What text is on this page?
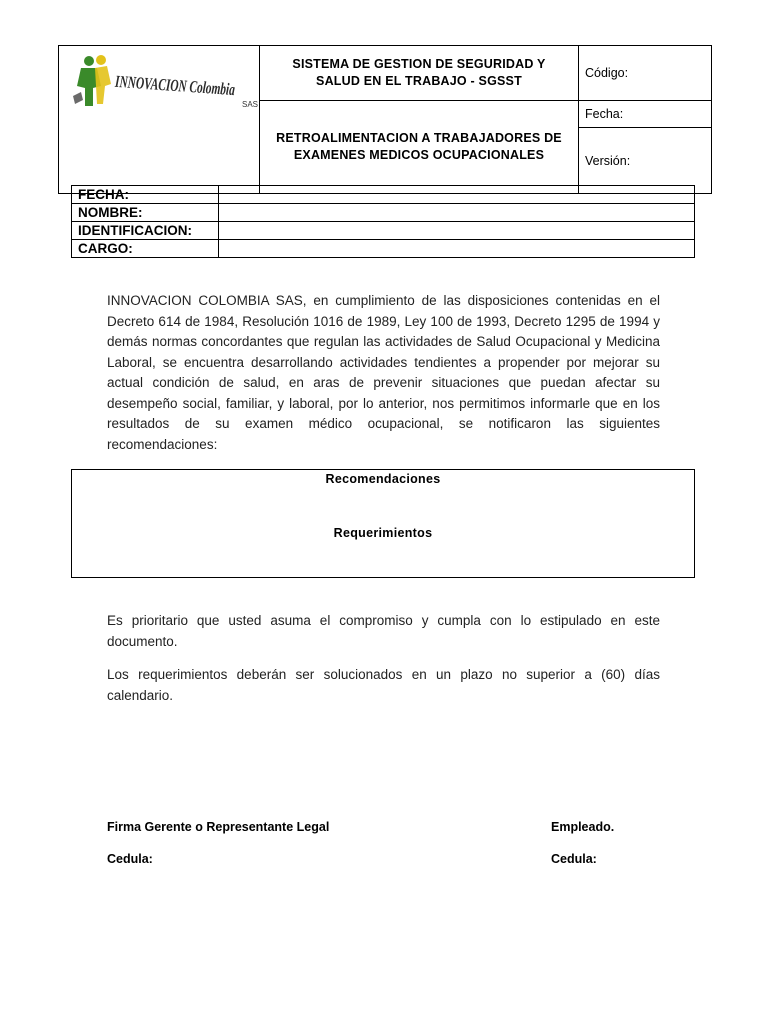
INNOVACION Colombia
SAS	SISTEMA DE GESTION DE SEGURIDAD Y SALUD EN EL TRABAJO - SGSST	Código:

	RETROALIMENTACION A TRABAJADORES DE EXAMENES MEDICOS OCUPACIONALES	Fecha:
		Versión:
FECHA:	
NOMBRE:	
IDENTIFICACION:	
CARGO:	
INNOVACION COLOMBIA SAS, en cumplimiento de las disposiciones contenidas en el Decreto 614 de 1984, Resolución 1016 de 1989, Ley 100 de 1993, Decreto 1295 de 1994 y demás normas concordantes que regulan las actividades de Salud Ocupacional y Medicina Laboral, se encuentra desarrollando actividades tendientes a propender por mejorar su actual condición de salud, en aras de prevenir situaciones que puedan afectar su desempeño social, familiar, y laboral, por lo anterior, nos permitimos informarle que en los resultados de su examen médico ocupacional, se notificaron las siguientes recomendaciones:
Recomendaciones
Requerimientos
Es prioritario que usted asuma el compromiso y cumpla con lo estipulado en este documento.
Los requerimientos deberán ser solucionados en un plazo no superior a (60) días calendario.
Firma Gerente o Representante Legal	Empleado.
Cedula:	Cedula:
